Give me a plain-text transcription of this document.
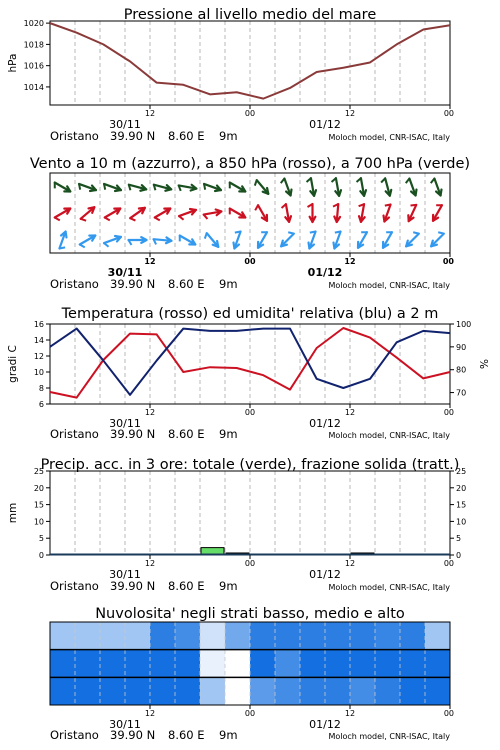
Pressione al livello medio del mare
1014
1016
1018
1020
hPa
12	00	12	00
30/11	01/12
Oristano 39.90 N 8.60 E 9m	Moloch model, CNR-ISAC, Italy
Vento a 10 m (azzurro), a 850 hPa (rosso), a 700 hPa (verde)
12	00	12	00
30/11	01/12
Oristano 39.90 N 8.60 E 9m	Moloch model, CNR-ISAC, Italy
Temperatura (rosso) ed umidita' relativa (blu) a 2 m
6
8
10
12
14
16
70
80
90
100
gradi C	%
12	00	12	00
30/11	01/12
Oristano 39.90 N 8.60 E 9m	Moloch model, CNR-ISAC, Italy
Precip. acc. in 3 ore: totale (verde), frazione solida (tratt.)
0
5
10
15
20
25
0
5
10
15
20
25
mm
12	00	12	00
30/11	01/12
Oristano 39.90 N 8.60 E 9m	Moloch model, CNR-ISAC, Italy
Nuvolosita' negli strati basso, medio e alto
12	00	12	00
30/11	01/12
Oristano 39.90 N 8.60 E 9m	Moloch model, CNR-ISAC, Italy
